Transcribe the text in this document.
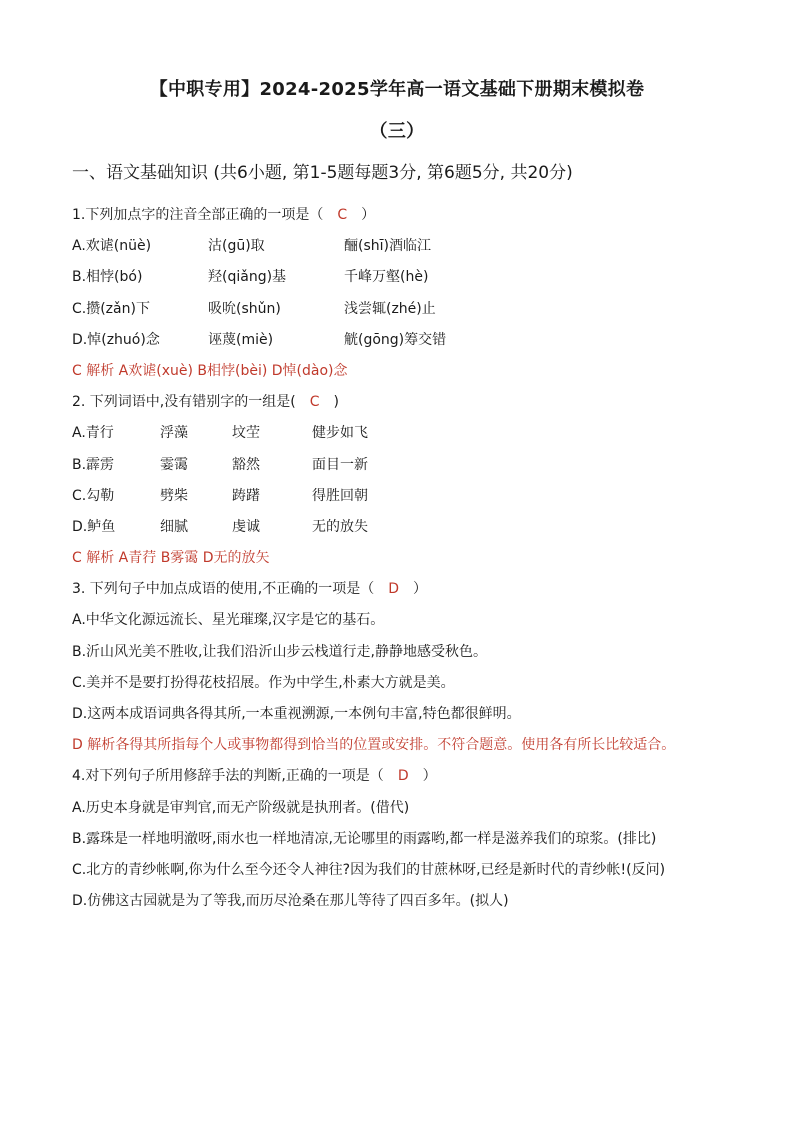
【中职专用】2024-2025学年高一语文基础下册期末模拟卷
（三）
一、语文基础知识 (共6小题, 第1-5题每题3分, 第6题5分, 共20分)
1.下列加点字的注音全部正确的一项是（ C ）
A.欢谑(nüè)	沽(gū)取	酾(shī)酒临江
B.相悖(bó)	羟(qiǎng)基	千峰万壑(hè)
C.攒(zǎn)下	吸吮(shǔn)	浅尝辄(zhé)止
D.悼(zhuó)念	诬蔑(miè)	觥(gōng)筹交错
C 解析 A欢谑(xuè) B相悖(bèi) D悼(dào)念
2. 下列词语中,没有错别字的一组是( C )
A.青行	浮藻	坟茔	健步如飞
B.霹雳	霎霭	豁然	面目一新
C.勾勒	劈柴	踌躇	得胜回朝
D.鲈鱼	细腻	虔诚	无的放失
C 解析 A青荇 B雾霭 D无的放矢
3. 下列句子中加点成语的使用,不正确的一项是（ D ）
A.中华文化源远流长、星光璀璨,汉字是它的基石。
B.沂山风光美不胜收,让我们沿沂山步云栈道行走,静静地感受秋色。
C.美并不是要打扮得花枝招展。作为中学生,朴素大方就是美。
D.这两本成语词典各得其所,一本重视溯源,一本例句丰富,特色都很鲜明。
D 解析各得其所指每个人或事物都得到恰当的位置或安排。不符合题意。使用各有所长比较适合。
4.对下列句子所用修辞手法的判断,正确的一项是（ D ）
A.历史本身就是审判官,而无产阶级就是执刑者。(借代)
B.露珠是一样地明澈呀,雨水也一样地清凉,无论哪里的雨露哟,都一样是滋养我们的琼浆。(排比)
C.北方的青纱帐啊,你为什么至今还令人神往?因为我们的甘蔗林呀,已经是新时代的青纱帐!(反问)
D.仿佛这古园就是为了等我,而历尽沧桑在那儿等待了四百多年。(拟人)
